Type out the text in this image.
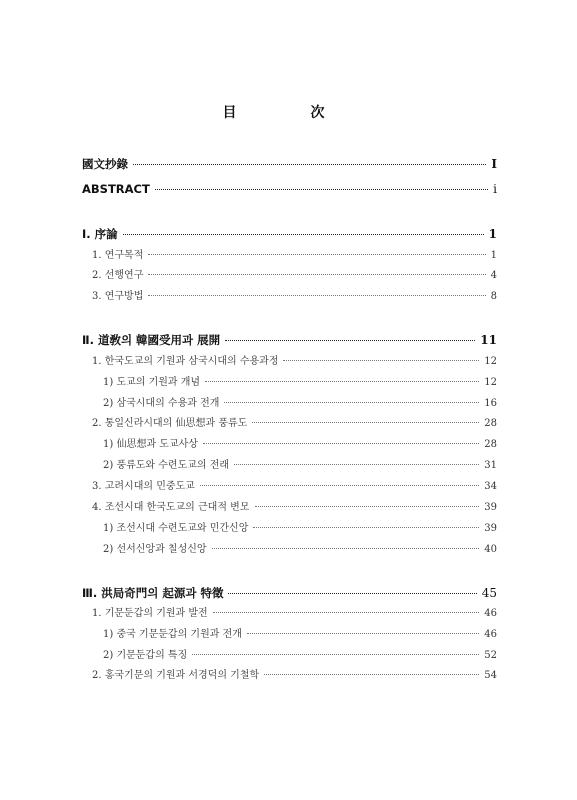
目　次
國文抄錄	I
ABSTRACT	i
Ⅰ. 序論	1
1. 연구목적	1
2. 선행연구	4
3. 연구방법	8
Ⅱ. 道敎의 韓國受用과 展開	11
1. 한국도교의 기원과 삼국시대의 수용과정	12
1) 도교의 기원과 개념	12
2) 삼국시대의 수용과 전개	16
2. 통일신라시대의 仙思想과 풍류도	28
1) 仙思想과 도교사상	28
2) 풍류도와 수련도교의 전래	31
3. 고려시대의 민중도교	34
4. 조선시대 한국도교의 근대적 변모	39
1) 조선시대 수련도교와 민간신앙	39
2) 선서신앙과 칠성신앙	40
Ⅲ. 洪局奇門의 起源과 特徵	45
1. 기문둔갑의 기원과 발전	46
1) 중국 기문둔갑의 기원과 전개	46
2) 기문둔갑의 특징	52
2. 홍국기문의 기원과 서경덕의 기철학	54
